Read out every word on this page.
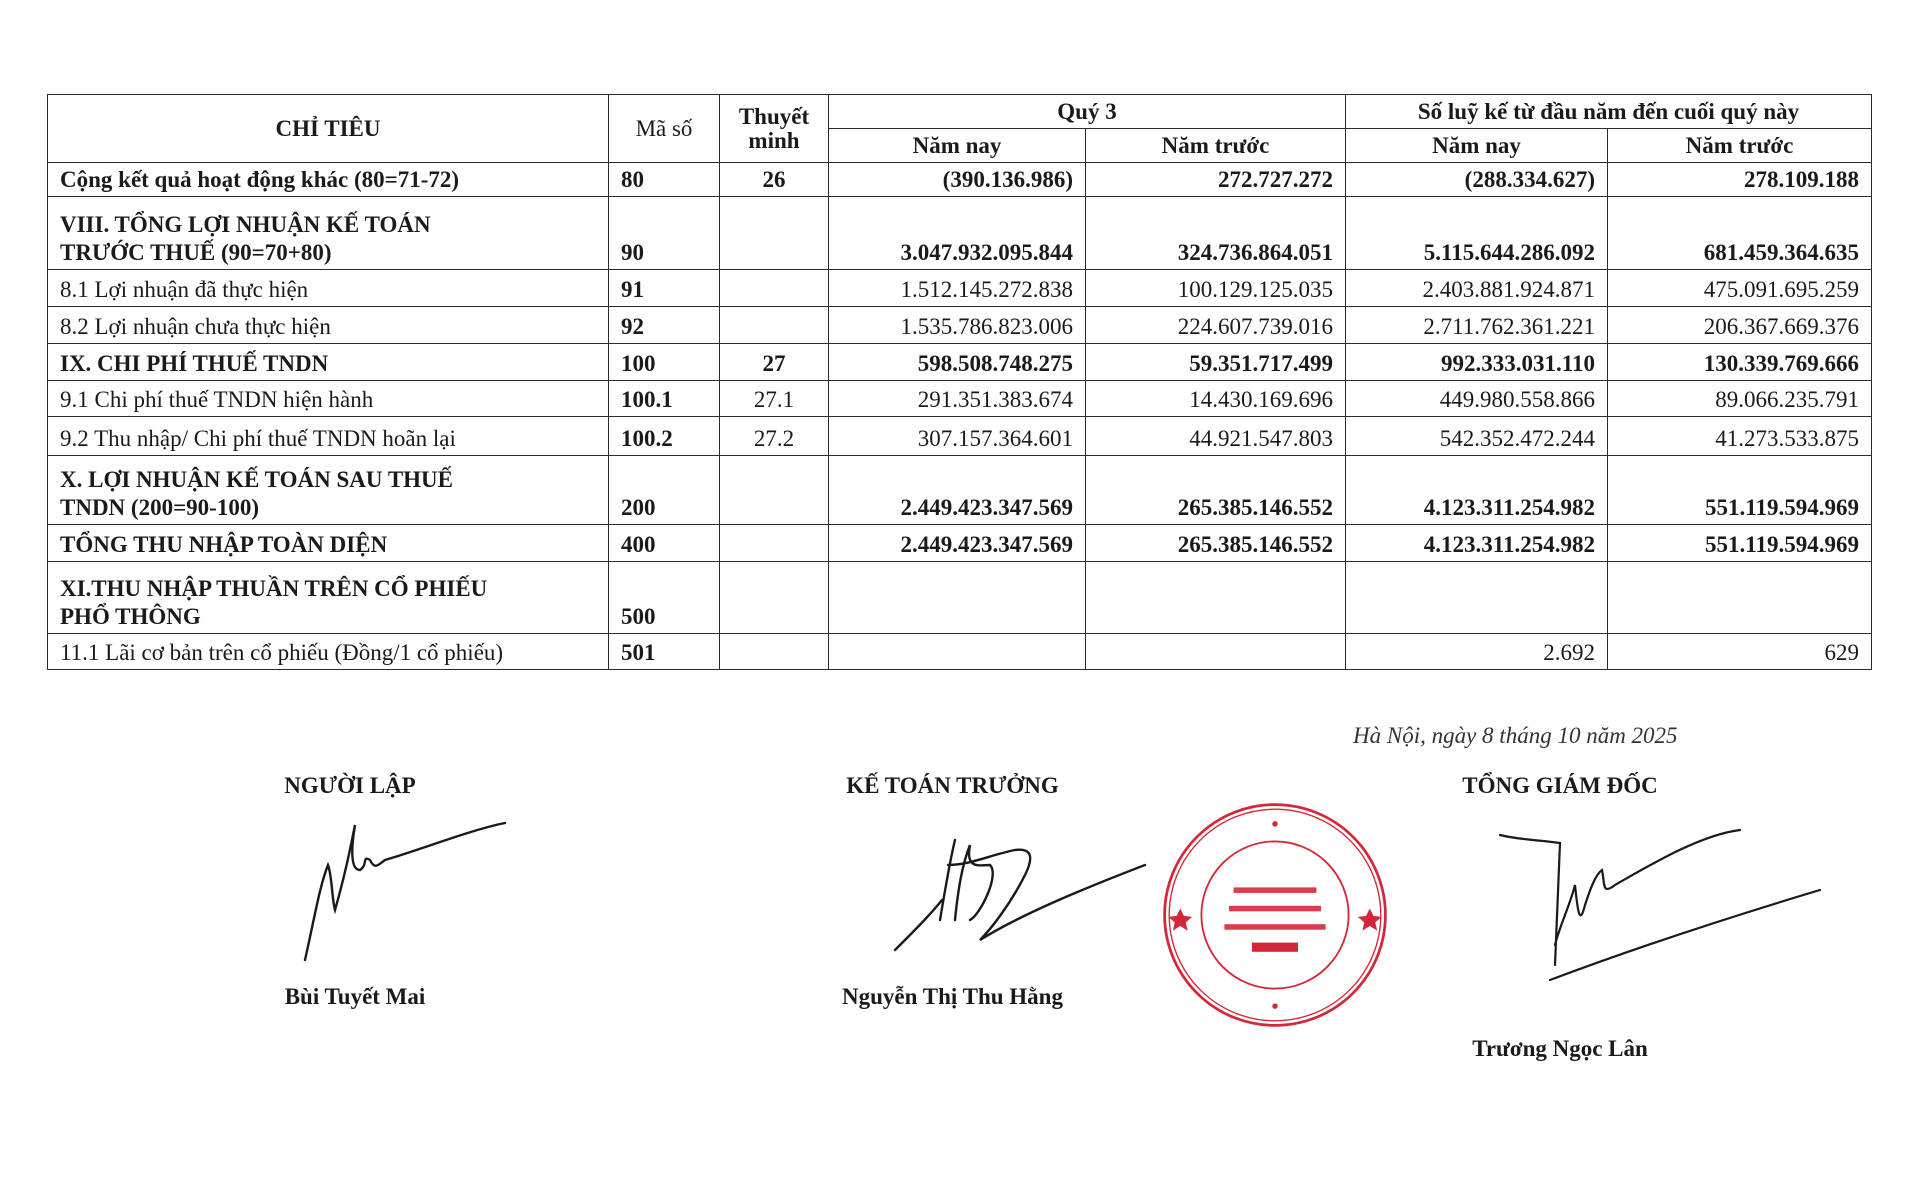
CHỈ TIÊU	Mã số	Thuyết minh	Quý 3		Số luỹ kế từ đầu năm đến cuối quý này	
			Năm nay	Năm trước	Năm nay	Năm trước
Cộng kết quả hoạt động khác (80=71-72)	80	26	(390.136.986)	272.727.272	(288.334.627)	278.109.188

VIII. TỔNG LỢI NHUẬN KẾ TOÁN
TRƯỚC THUẾ (90=70+80)	90		3.047.932.095.844	324.736.864.051	5.115.644.286.092	681.459.364.635
8.1 Lợi nhuận đã thực hiện	91		1.512.145.272.838	100.129.125.035	2.403.881.924.871	475.091.695.259
8.2 Lợi nhuận chưa thực hiện	92		1.535.786.823.006	224.607.739.016	2.711.762.361.221	206.367.669.376
IX. CHI PHÍ THUẾ TNDN	100	27	598.508.748.275	59.351.717.499	992.333.031.110	130.339.769.666
9.1 Chi phí thuế TNDN hiện hành	100.1	27.1	291.351.383.674	14.430.169.696	449.980.558.866	89.066.235.791
9.2 Thu nhập/ Chi phí thuế TNDN hoãn lại	100.2	27.2	307.157.364.601	44.921.547.803	542.352.472.244	41.273.533.875

X. LỢI NHUẬN KẾ TOÁN SAU THUẾ
TNDN (200=90-100)	200		2.449.423.347.569	265.385.146.552	4.123.311.254.982	551.119.594.969
TỔNG THU NHẬP TOÀN DIỆN	400		2.449.423.347.569	265.385.146.552	4.123.311.254.982	551.119.594.969

XI.THU NHẬP THUẦN TRÊN CỔ PHIẾU
PHỔ THÔNG	500					
11.1 Lãi cơ bản trên cổ phiếu (Đồng/1 cổ phiếu)	501				2.692	629
Hà Nội, ngày 8 tháng 10 năm 2025
NGƯỜI LẬP	KẾ TOÁN TRƯỞNG	TỔNG GIÁM ĐỐC
Bùi Tuyết Mai	Nguyễn Thị Thu Hằng
Trương Ngọc Lân
